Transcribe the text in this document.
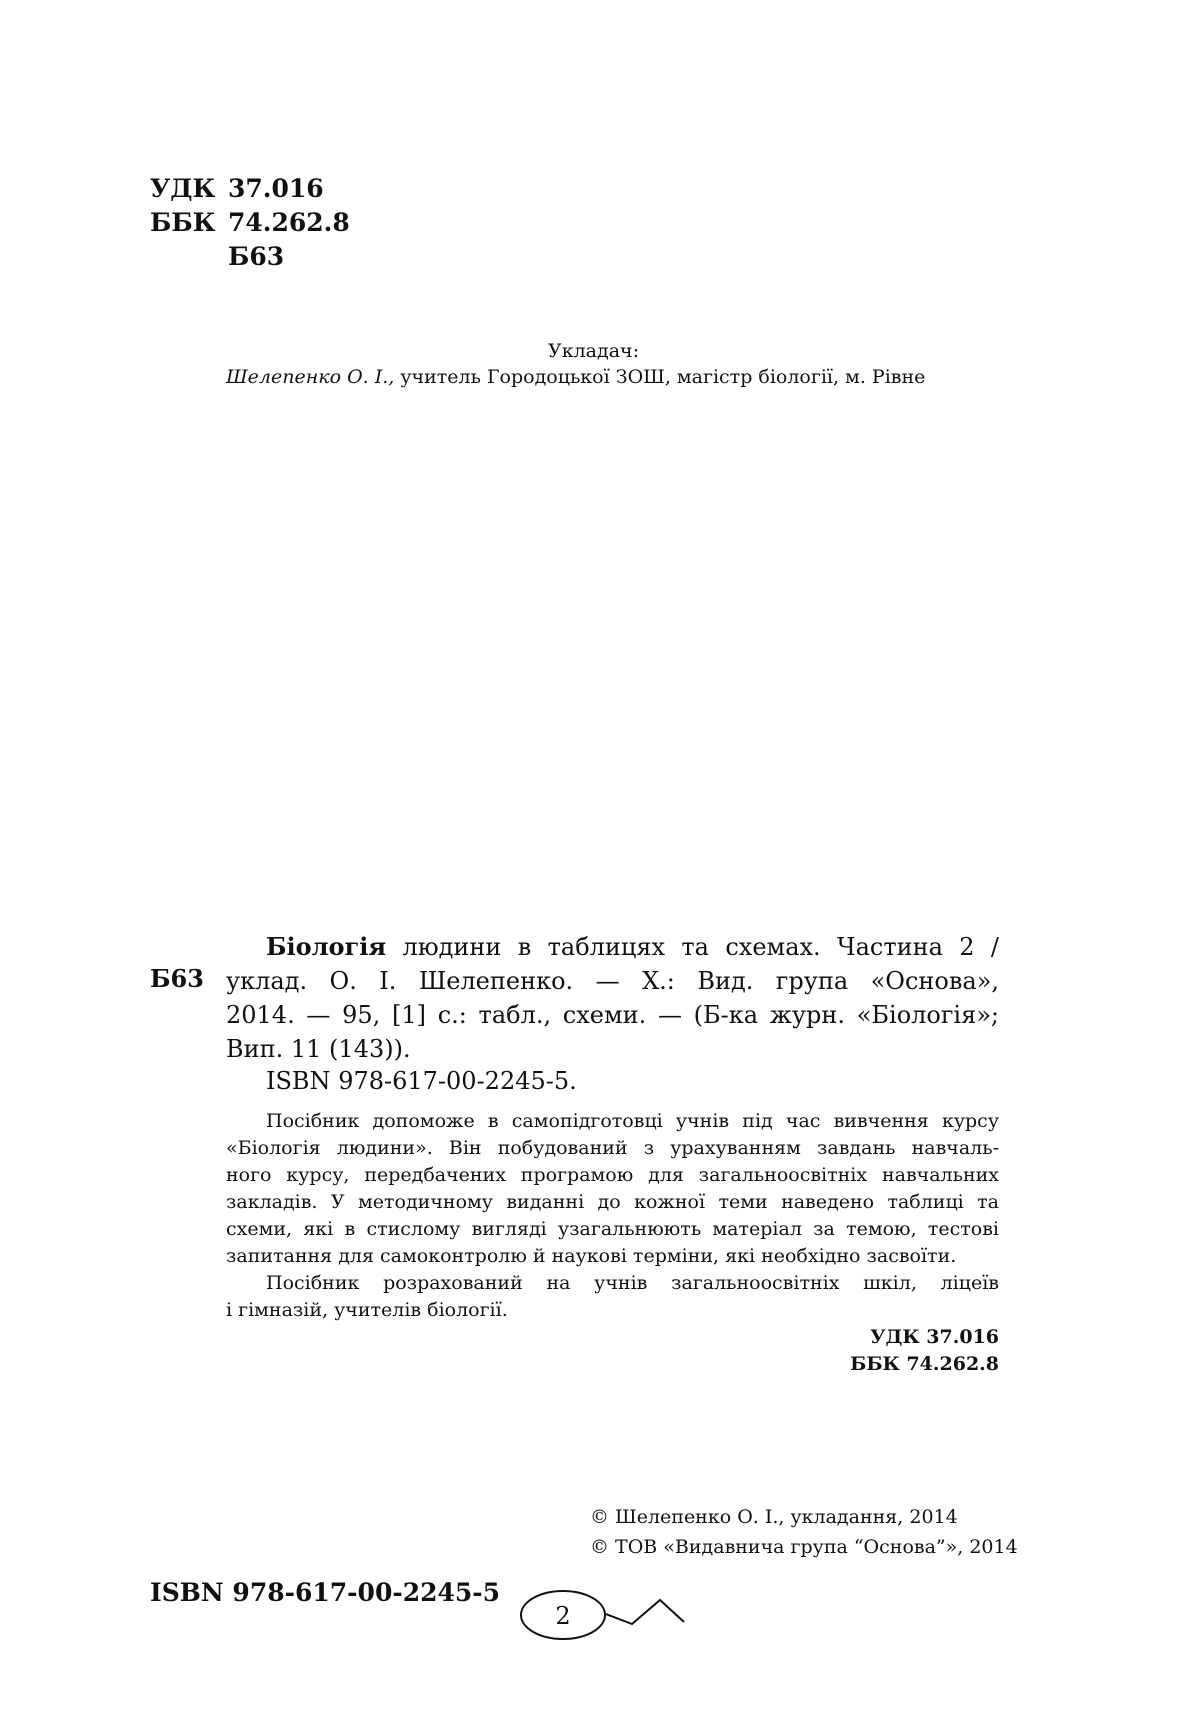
УДК 37.016
ББК 74.262.8
Б63
Укладач:
Шелепенко О. І., учитель Городоцької ЗОШ, магістр біології, м. Рівне
Б63
Біологія людини в таблицях та схемах. Частина 2 /
уклад. О. І. Шелепенко. — Х.: Вид. група «Основа»,
2014. — 95, [1] с.: табл., схеми. — (Б-ка журн. «Біологія»;
Вип. 11 (143)).
ISBN 978-617-00-2245-5.
Посібник допоможе в самопідготовці учнів під час вивчення курсу
«Біологія людини». Він побудований з урахуванням завдань навчаль-
ного курсу, передбачених програмою для загальноосвітніх навчальних
закладів. У методичному виданні до кожної теми наведено таблиці та
схеми, які в стислому вигляді узагальнюють матеріал за темою, тестові
запитання для самоконтролю й наукові терміни, які необхідно засвоїти.
Посібник розрахований на учнів загальноосвітніх шкіл, ліцеїв
і гімназій, учителів біології.
УДК 37.016
ББК 74.262.8
ISBN 978-617-00-2245-5
© Шелепенко О. І., укладання, 2014
© ТОВ «Видавнича група “Основа”», 2014
2
